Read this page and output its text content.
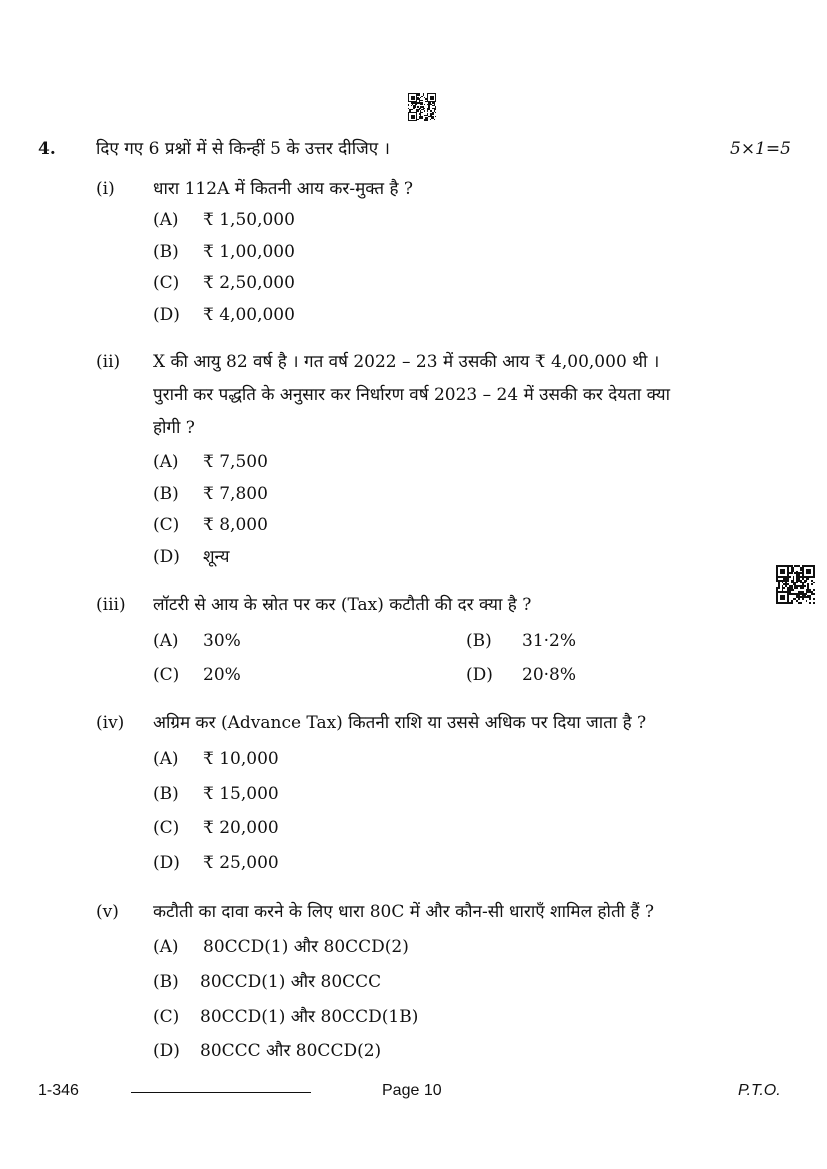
4. दिए गए 6 प्रश्नों में से किन्हीं 5 के उत्तर दीजिए ।	5×1=5
(i) धारा 112A में कितनी आय कर-मुक्त है ?
(A) ₹ 1,50,000
(B) ₹ 1,00,000
(C) ₹ 2,50,000
(D) ₹ 4,00,000
(ii) X की आयु 82 वर्ष है । गत वर्ष 2022 – 23 में उसकी आय ₹ 4,00,000 थी ।
पुरानी कर पद्धति के अनुसार कर निर्धारण वर्ष 2023 – 24 में उसकी कर देयता क्या
होगी ?
(A) ₹ 7,500
(B) ₹ 7,800
(C) ₹ 8,000
(D) शून्य
(iii) लॉटरी से आय के स्रोत पर कर (Tax) कटौती की दर क्या है ?
(A) 30%	(B) 31·2%
(C) 20%	(D) 20·8%
(iv) अग्रिम कर (Advance Tax) कितनी राशि या उससे अधिक पर दिया जाता है ?
(A) ₹ 10,000
(B) ₹ 15,000
(C) ₹ 20,000
(D) ₹ 25,000
(v) कटौती का दावा करने के लिए धारा 80C में और कौन-सी धाराएँ शामिल होती हैं ?
(A) 80CCD(1) और 80CCD(2)
(B) 80CCD(1) और 80CCC
(C) 80CCD(1) और 80CCD(1B)
(D) 80CCC और 80CCD(2)
1-346	Page 10	P.T.O.
